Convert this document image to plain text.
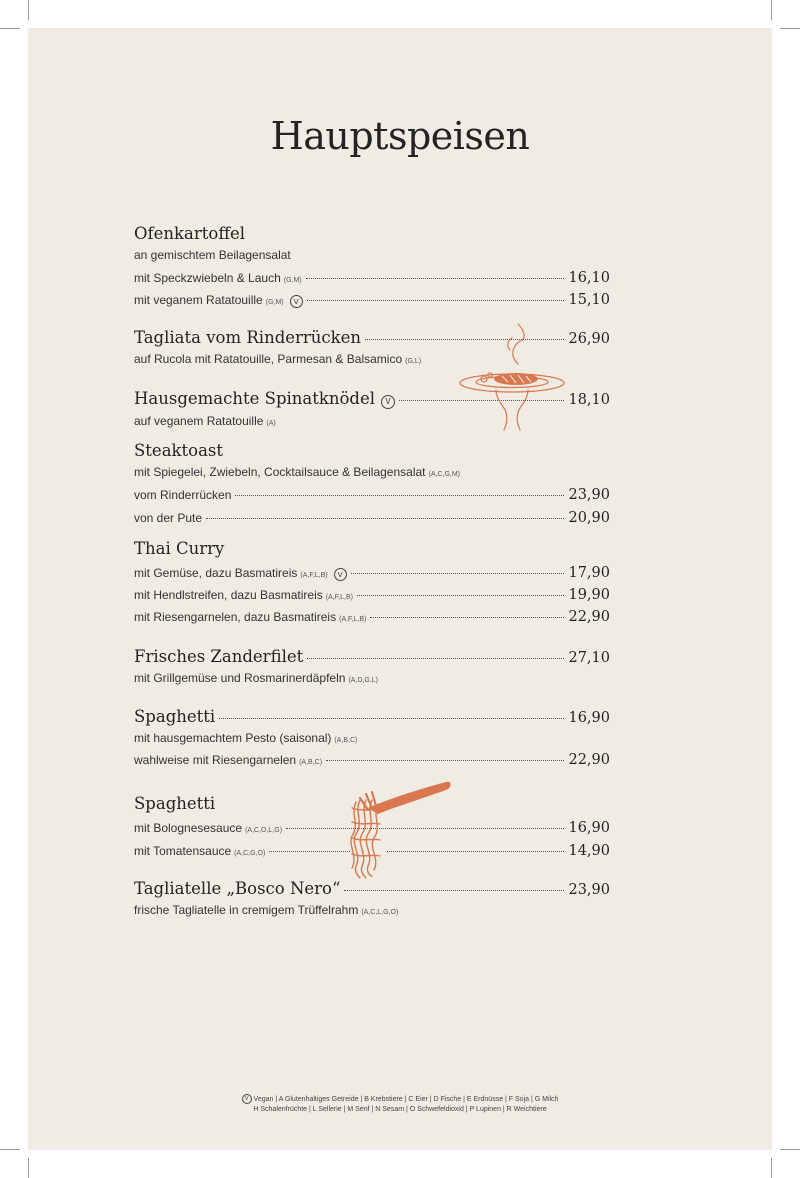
Hauptspeisen
Ofenkartoffel
an gemischtem Beilagensalat
mit Speckzwiebeln & Lauch (G,M)	16,10
mit veganem Ratatouille (G,M)	V	15,10
Tagliata vom Rinderrücken	26,90
auf Rucola mit Ratatouille, Parmesan & Balsamico (G,L)
Hausgemachte Spinatknödel	V	18,10
auf veganem Ratatouille (A)
Steaktoast
mit Spiegelei, Zwiebeln, Cocktailsauce & Beilagensalat (A,C,G,M)
vom Rinderrücken	23,90
von der Pute	20,90
Thai Curry
mit Gemüse, dazu Basmatireis (A,F,L,B)	V	17,90
mit Hendlstreifen, dazu Basmatireis (A,F,L,B)	19,90
mit Riesengarnelen, dazu Basmatireis (A,F,L,B)	22,90
Frisches Zanderfilet	27,10
mit Grillgemüse und Rosmarinerdäpfeln (A,D,G,L)
Spaghetti	16,90
mit hausgemachtem Pesto (saisonal) (A,B,C)
wahlweise mit Riesengarnelen (A,B,C)	22,90
Spaghetti
mit Bolognesesauce (A,C,O,L,G)	16,90
mit Tomatensauce (A,C,G,O)	14,90
Tagliatelle „Bosco Nero“	23,90
frische Tagliatelle in cremigem Trüffelrahm (A,C,L,G,O)
V Vegan | A Glutenhaltiges Getreide | B Krebstiere | C Eier | D Fische | E Erdnüsse | F Soja | G Milch
H Schalenfrüchte | L Sellerie | M Senf | N Sesam | O Schwefeldioxid | P Lupinen | R Weichtiere
